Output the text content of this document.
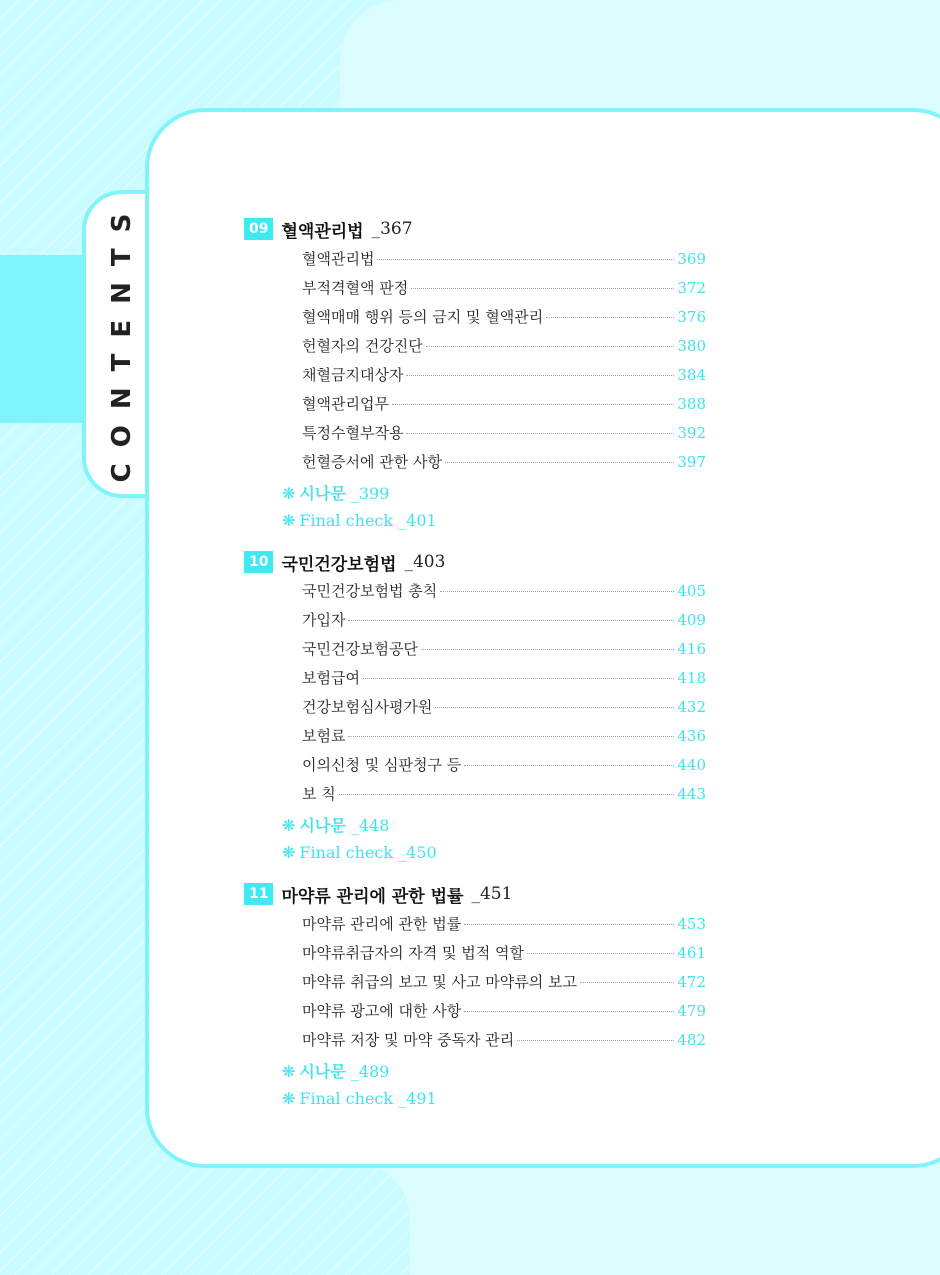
CONTENTS	09 혈액관리법 _367
혈액관리법	369
부적격혈액 판정	372
혈액매매 행위 등의 금지 및 혈액관리	376
헌혈자의 건강진단	380
채혈금지대상자	384
혈액관리업무	388
특정수혈부작용	392
헌혈증서에 관한 사항	397
❋ 시나문 _399
❋ Final check _401
10 국민건강보험법 _403
국민건강보험법 총칙	405
가입자	409
국민건강보험공단	416
보험급여	418
건강보험심사평가원	432
보험료	436
이의신청 및 심판청구 등	440
보 칙	443
❋ 시나문 _448
❋ Final check _450
11 마약류 관리에 관한 법률 _451
마약류 관리에 관한 법률	453
마약류취급자의 자격 및 법적 역할	461
마약류 취급의 보고 및 사고 마약류의 보고	472
마약류 광고에 대한 사항	479
마약류 저장 및 마약 중독자 관리	482
❋ 시나문 _489
❋ Final check _491
